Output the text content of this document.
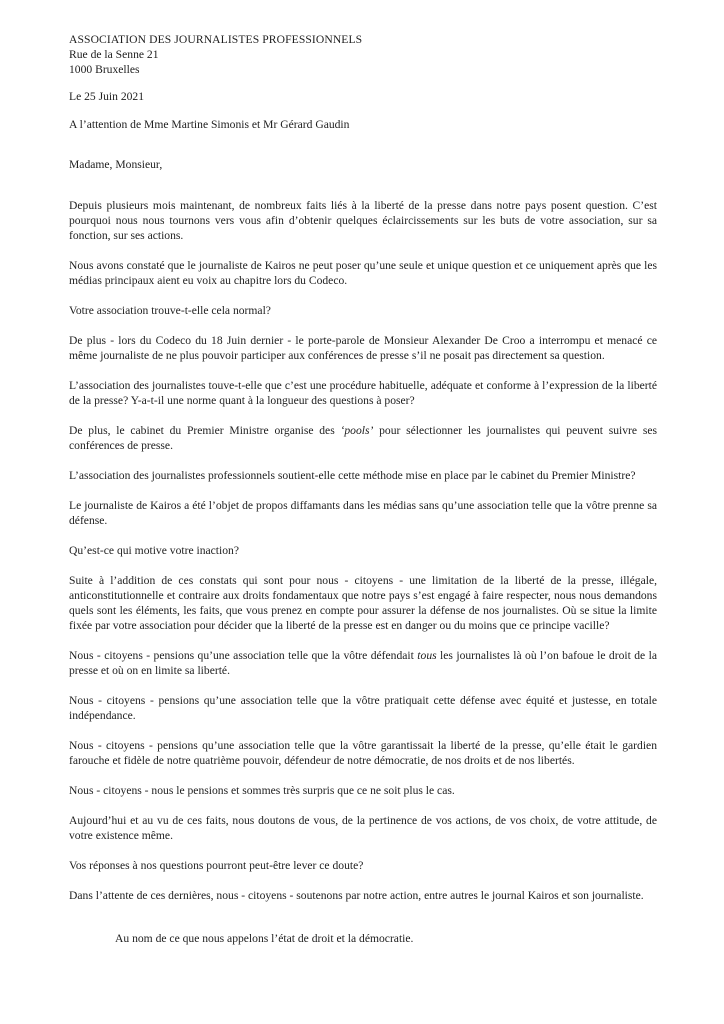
ASSOCIATION DES JOURNALISTES PROFESSIONNELS
Rue de la Senne 21
1000 Bruxelles
Le 25 Juin 2021
A l’attention de Mme Martine Simonis et Mr Gérard Gaudin
Madame, Monsieur,

Depuis plusieurs mois maintenant, de nombreux faits liés à la liberté de la presse dans notre pays posent question. C’est pourquoi nous nous tournons vers vous afin d’obtenir quelques éclaircissements sur les buts de votre association, sur sa fonction, sur ses actions.

Nous avons constaté que le journaliste de Kairos ne peut poser qu’une seule et unique question et ce uniquement après que les médias principaux aient eu voix au chapitre lors du Codeco.

Votre association trouve-t-elle cela normal?

De plus - lors du Codeco du 18 Juin dernier - le porte-parole de Monsieur Alexander De Croo a interrompu et menacé ce même journaliste de ne plus pouvoir participer aux conférences de presse s’il ne posait pas directement sa question.

L’association des journalistes touve-t-elle que c’est une procédure habituelle, adéquate et conforme à l’expression de la liberté de la presse? Y-a-t-il une norme quant à la longueur des questions à poser?

De plus, le cabinet du Premier Ministre organise des ‘pools’ pour sélectionner les journalistes qui peuvent suivre ses conférences de presse.

L’association des journalistes professionnels soutient-elle cette méthode mise en place par le cabinet du Premier Ministre?

Le journaliste de Kairos a été l’objet de propos diffamants dans les médias sans qu’une association telle que la vôtre prenne sa défense.

Qu’est-ce qui motive votre inaction?

Suite à l’addition de ces constats qui sont pour nous - citoyens - une limitation de la liberté de la presse, illégale, anticonstitutionnelle et contraire aux droits fondamentaux que notre pays s’est engagé à faire respecter, nous nous demandons quels sont les éléments, les faits, que vous prenez en compte pour assurer la défense de nos journalistes. Où se situe la limite fixée par votre association pour décider que la liberté de la presse est en danger ou du moins que ce principe vacille?

Nous - citoyens - pensions qu’une association telle que la vôtre défendait tous les journalistes là où l’on bafoue le droit de la presse et où on en limite sa liberté.

Nous - citoyens - pensions qu’une association telle que la vôtre pratiquait cette défense avec équité et justesse, en totale indépendance.

Nous - citoyens - pensions qu’une association telle que la vôtre garantissait la liberté de la presse, qu’elle était le gardien farouche et fidèle de notre quatrième pouvoir, défendeur de notre démocratie, de nos droits et de nos libertés.

Nous - citoyens - nous le pensions et sommes très surpris que ce ne soit plus le cas.

Aujourd’hui et au vu de ces faits, nous doutons de vous, de la pertinence de vos actions, de vos choix, de votre attitude, de votre existence même.

Vos réponses à nos questions pourront peut-être lever ce doute?

Dans l’attente de ces dernières, nous - citoyens - soutenons par notre action, entre autres le journal Kairos et son journaliste.

Au nom de ce que nous appelons l’état de droit et la démocratie.
